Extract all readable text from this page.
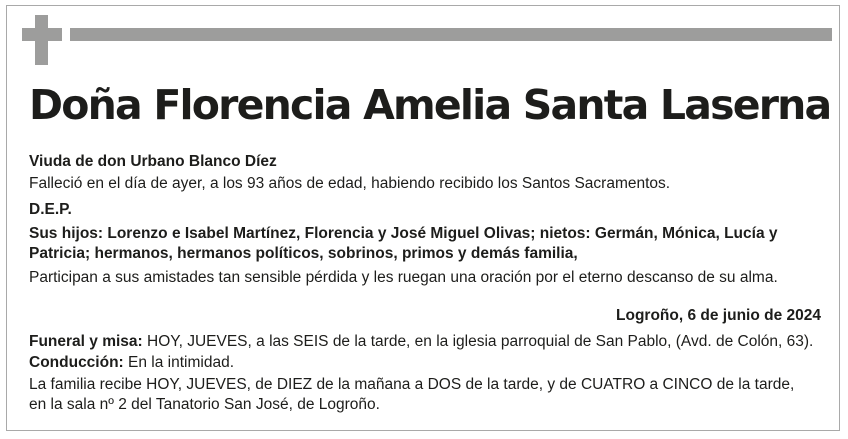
Doña Florencia Amelia Santa Laserna

Viuda de don Urbano Blanco Díez

Falleció en el día de ayer, a los 93 años de edad, habiendo recibido los Santos Sacramentos.

D.E.P.

Sus hijos: Lorenzo e Isabel Martínez, Florencia y José Miguel Olivas; nietos: Germán, Mónica, Lucía y Patricia; hermanos, hermanos políticos, sobrinos, primos y demás familia,

Participan a sus amistades tan sensible pérdida y les ruegan una oración por el eterno descanso de su alma.

Logroño, 6 de junio de 2024

Funeral y misa: HOY, JUEVES, a las SEIS de la tarde, en la iglesia parroquial de San Pablo, (Avd. de Colón, 63).

Conducción: En la intimidad.

La familia recibe HOY, JUEVES, de DIEZ de la mañana a DOS de la tarde, y de CUATRO a CINCO de la tarde,

en la sala nº 2 del Tanatorio San José, de Logroño.
